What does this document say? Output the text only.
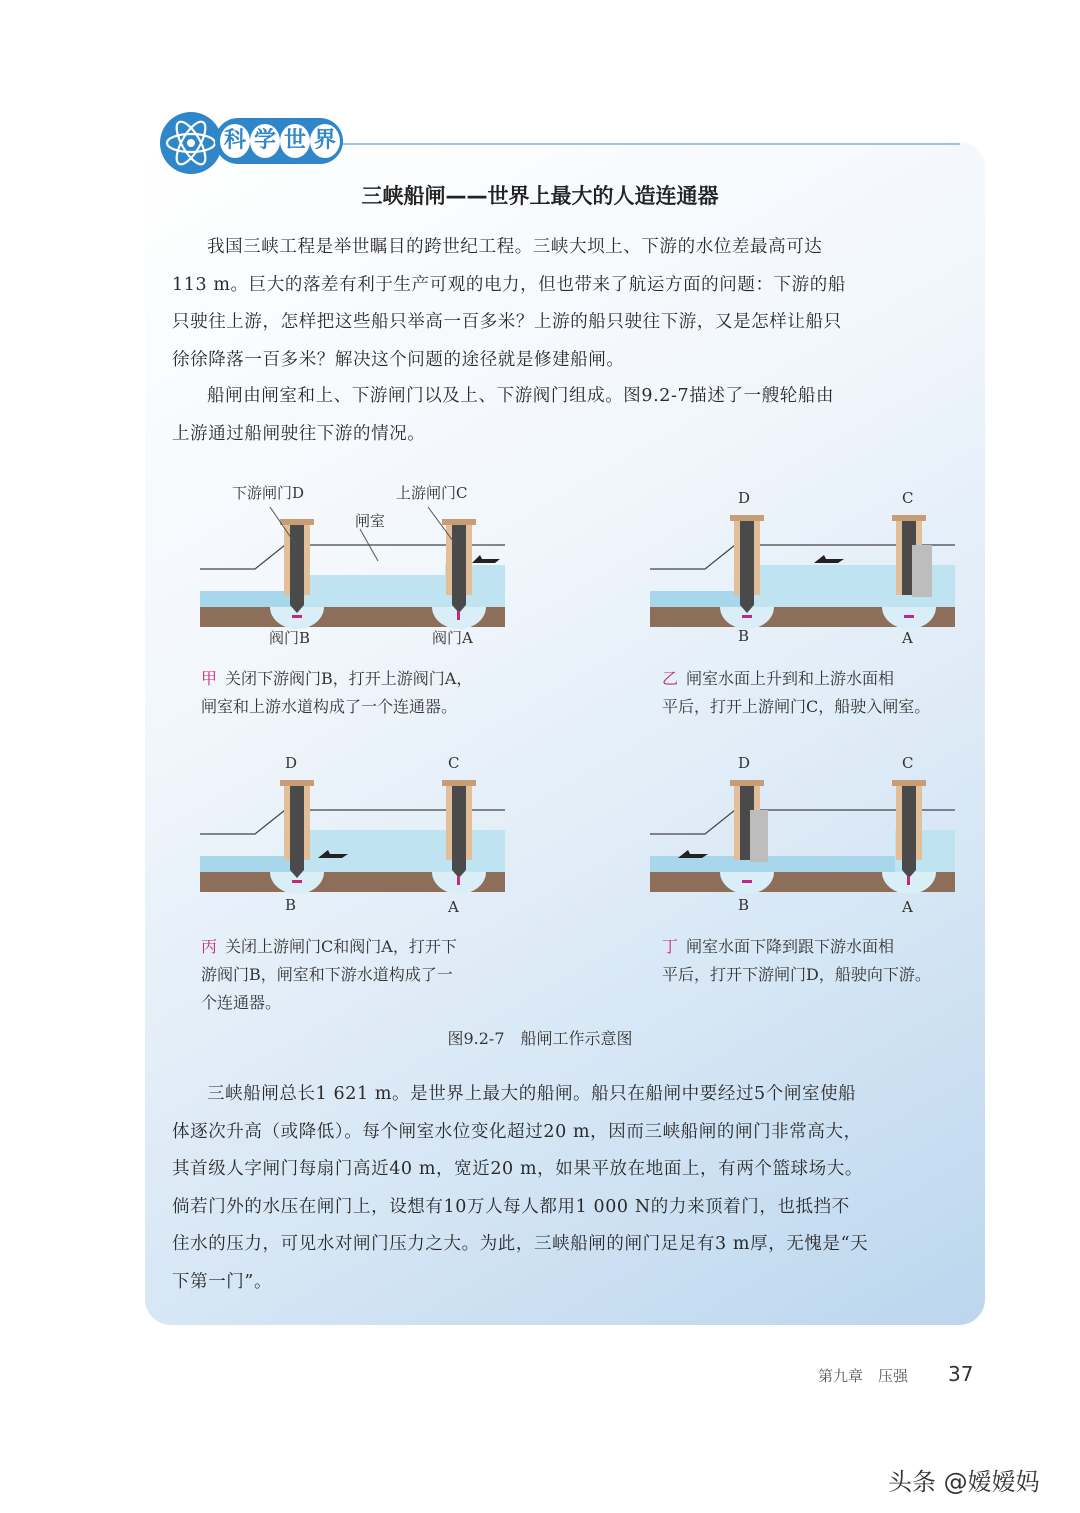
科 学 世 界
三峡船闸——世界上最大的人造连通器
我国三峡工程是举世瞩目的跨世纪工程。三峡大坝上、下游的水位差最高可达
113 m。巨大的落差有利于生产可观的电力，但也带来了航运方面的问题：下游的船
只驶往上游，怎样把这些船只举高一百多米？上游的船只驶往下游，又是怎样让船只
徐徐降落一百多米？解决这个问题的途径就是修建船闸。
船闸由闸室和上、下游闸门以及上、下游阀门组成。图9.2-7描述了一艘轮船由
上游通过船闸驶往下游的情况。
下游闸门D	上游闸门C
闸室
阀门B	阀门A
D	C
B	A
D	C
B	A
D	C
B	A
甲 关闭下游阀门B，打开上游阀门A，
闸室和上游水道构成了一个连通器。
乙 闸室水面上升到和上游水面相
平后，打开上游闸门C，船驶入闸室。
丙 关闭上游闸门C和阀门A，打开下
游阀门B，闸室和下游水道构成了一
个连通器。
丁 闸室水面下降到跟下游水面相
平后，打开下游闸门D，船驶向下游。
图9.2-7　船闸工作示意图
三峡船闸总长1 621 m。是世界上最大的船闸。船只在船闸中要经过5个闸室使船
体逐次升高（或降低）。每个闸室水位变化超过20 m，因而三峡船闸的闸门非常高大，
其首级人字闸门每扇门高近40 m，宽近20 m，如果平放在地面上，有两个篮球场大。
倘若门外的水压在闸门上，设想有10万人每人都用1 000 N的力来顶着门，也抵挡不
住水的压力，可见水对闸门压力之大。为此，三峡船闸的闸门足足有3 m厚，无愧是“天
下第一门”。
第九章　压强 37
头条 @嫒嫒妈
